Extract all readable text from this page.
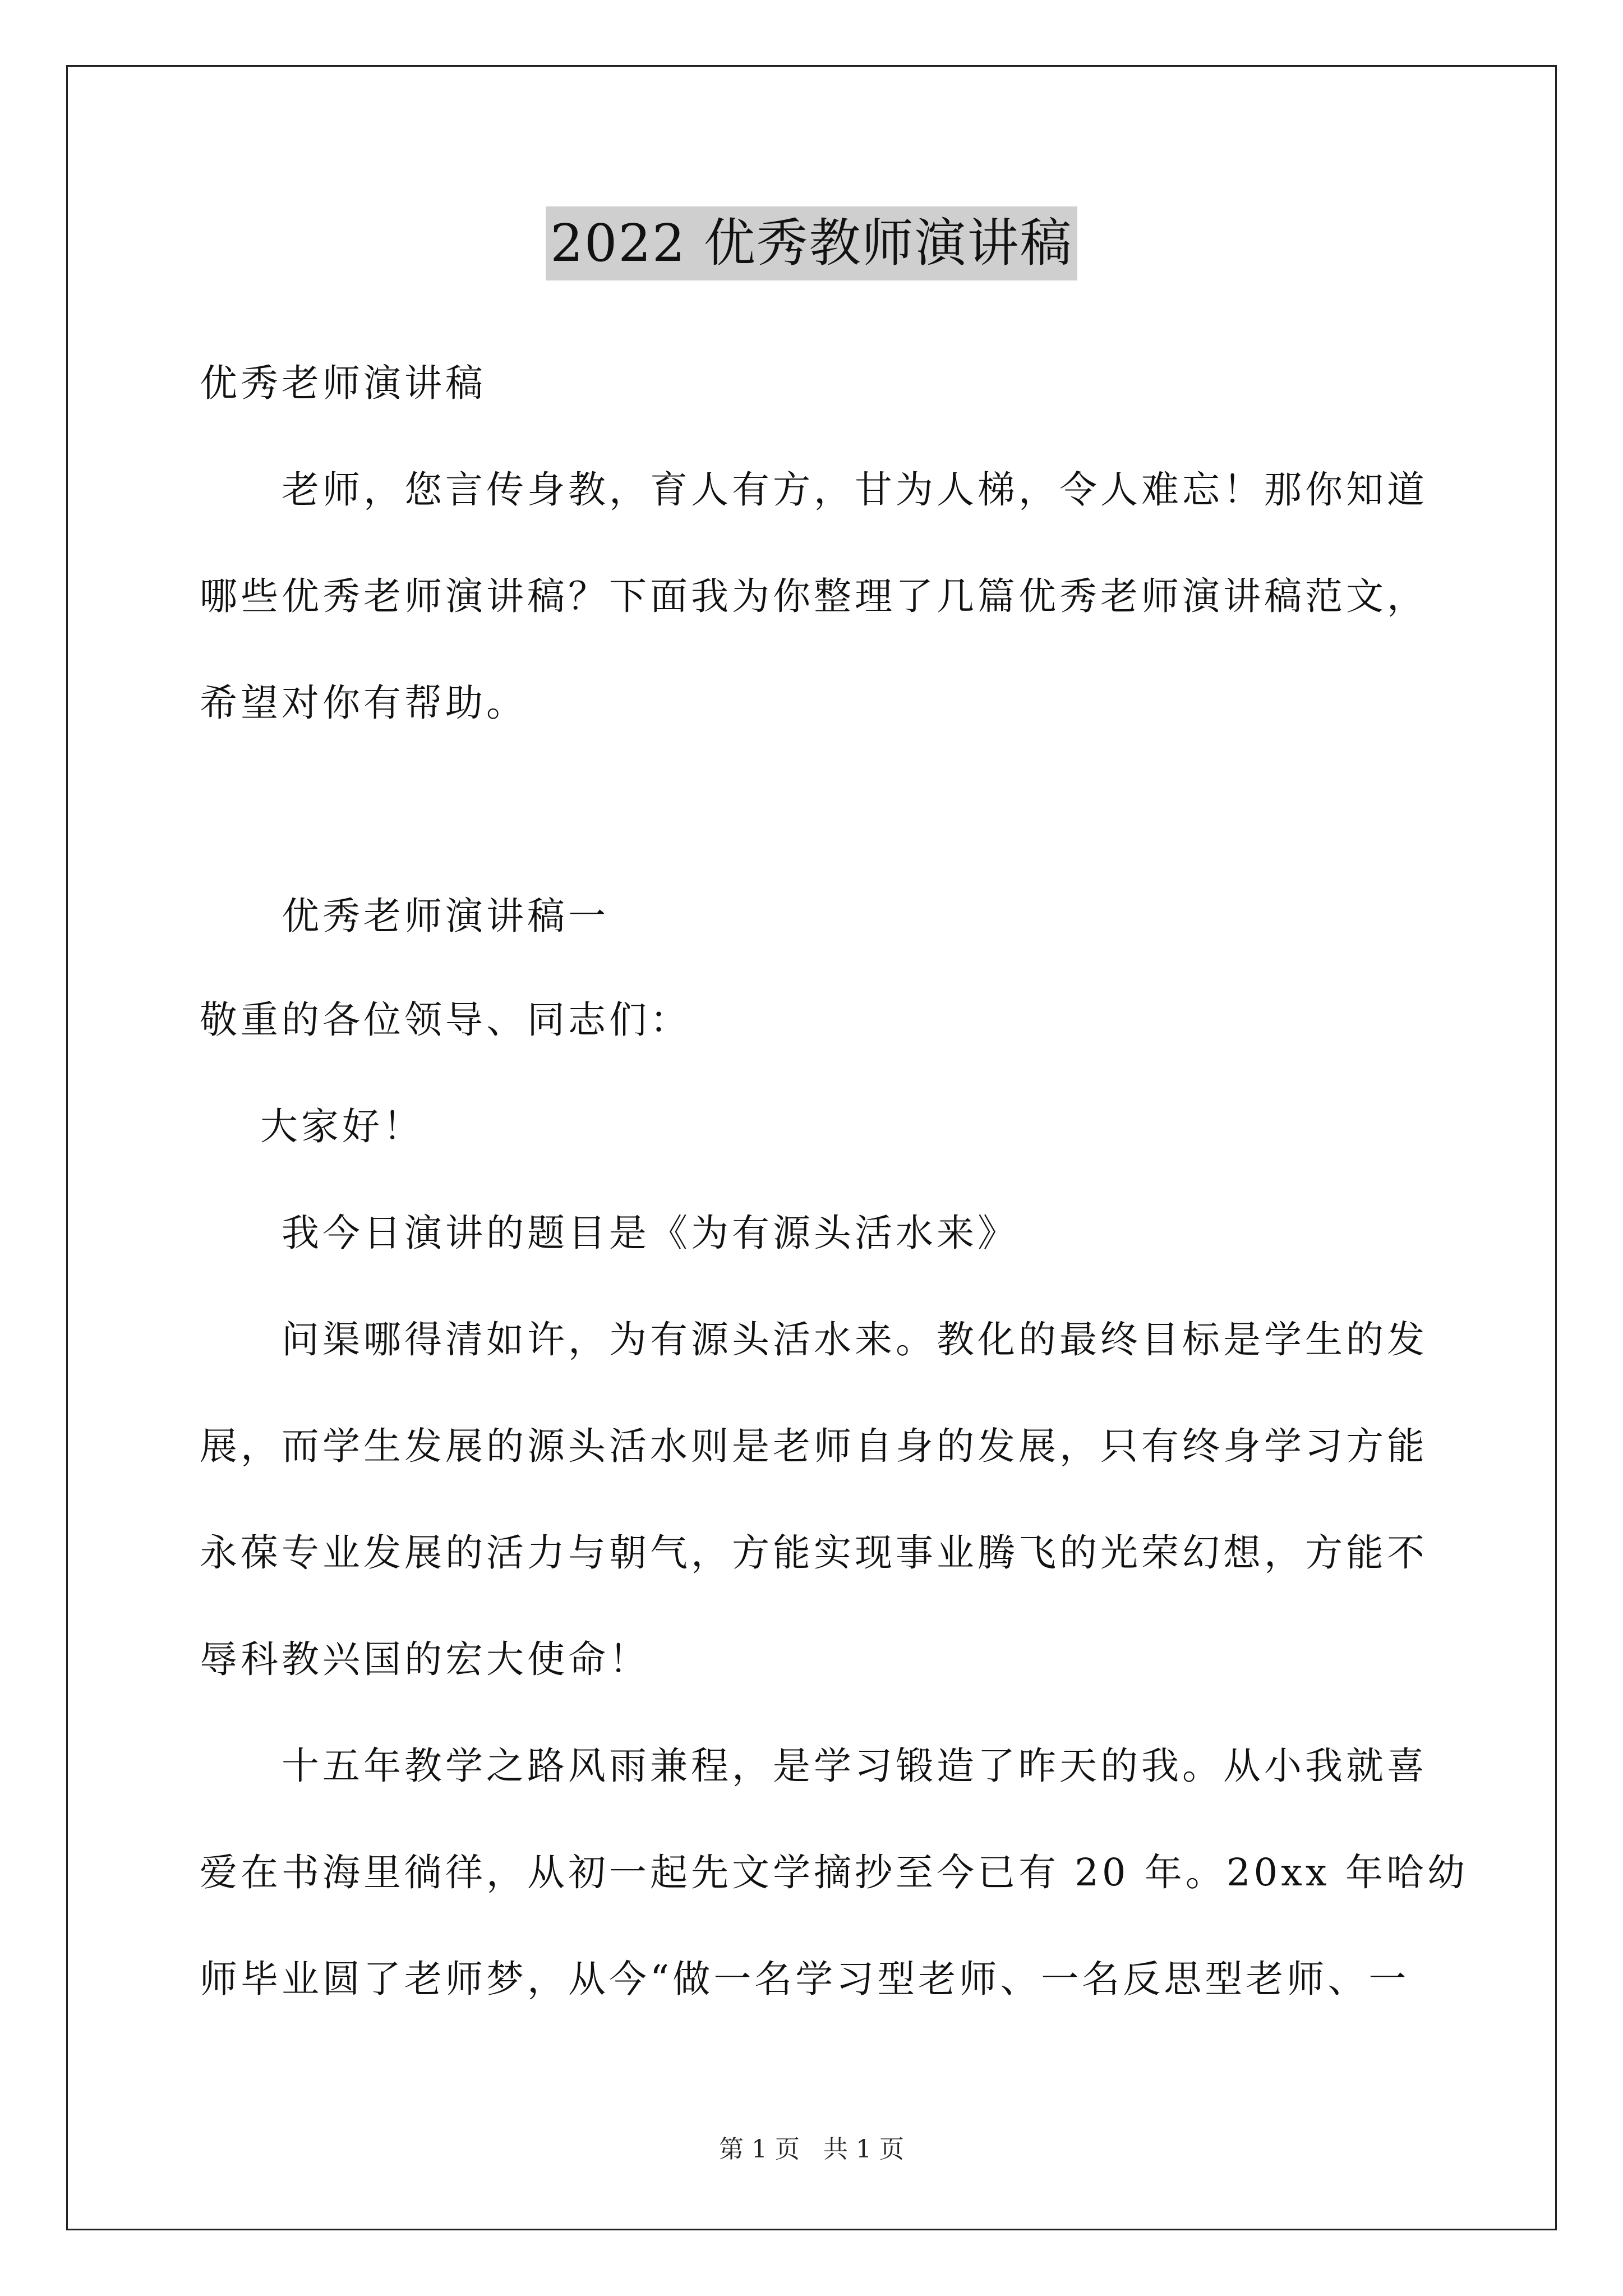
2022 优秀教师演讲稿
优秀老师演讲稿
老师，您言传身教，育人有方，甘为人梯，令人难忘！那你知道
哪些优秀老师演讲稿？下面我为你整理了几篇优秀老师演讲稿范文，
希望对你有帮助。
优秀老师演讲稿一
敬重的各位领导、同志们：
大家好！
我今日演讲的题目是《为有源头活水来》
问渠哪得清如许，为有源头活水来。教化的最终目标是学生的发
展，而学生发展的源头活水则是老师自身的发展，只有终身学习方能
永葆专业发展的活力与朝气，方能实现事业腾飞的光荣幻想，方能不
辱科教兴国的宏大使命！
十五年教学之路风雨兼程，是学习锻造了昨天的我。从小我就喜
爱在书海里徜徉，从初一起先文学摘抄至今已有 20 年。20xx 年哈幼
师毕业圆了老师梦，从今“做一名学习型老师、一名反思型老师、一
第 1 页 共 1 页
